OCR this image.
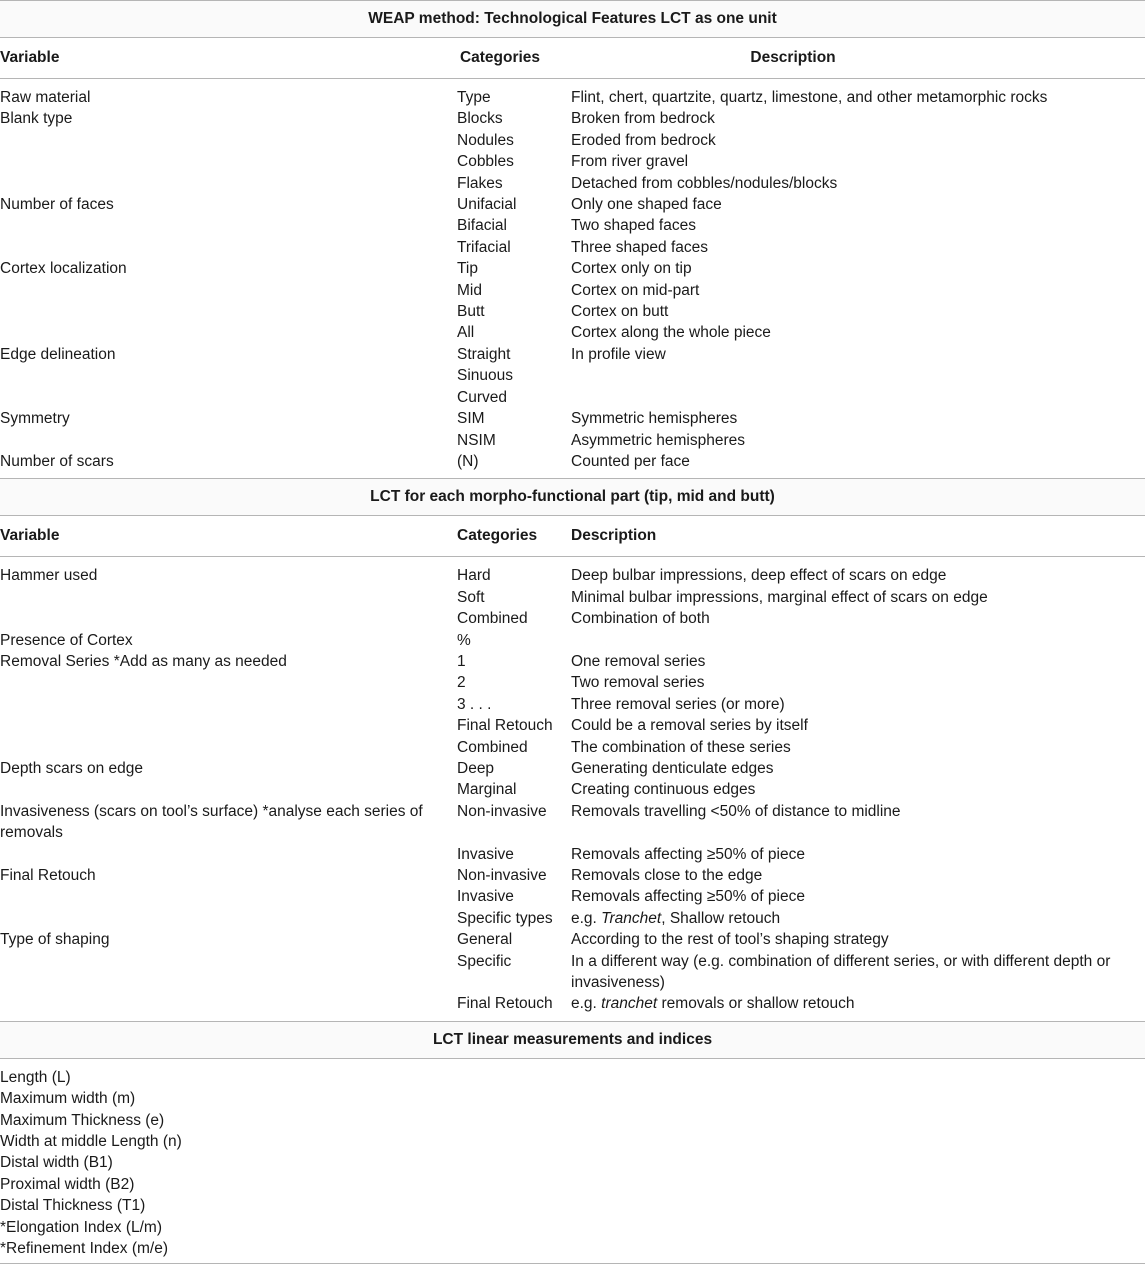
WEAP method: Technological Features LCT as one unit		
Variable	Categories	Description

Raw material	Type	Flint, chert, quartzite, quartz, limestone, and other metamorphic rocks
Blank type	Blocks	Broken from bedrock
	Nodules	Eroded from bedrock
	Cobbles	From river gravel
	Flakes	Detached from cobbles/nodules/blocks
Number of faces	Unifacial	Only one shaped face
	Bifacial	Two shaped faces
	Trifacial	Three shaped faces
Cortex localization	Tip	Cortex only on tip
	Mid	Cortex on mid-part
	Butt	Cortex on butt
	All	Cortex along the whole piece
Edge delineation	Straight	In profile view
	Sinuous	
	Curved	
Symmetry	SIM	Symmetric hemispheres
	NSIM	Asymmetric hemispheres
Number of scars	(N)	Counted per face

LCT for each morpho-functional part (tip, mid and butt)		
Variable	Categories	Description

Hammer used	Hard	Deep bulbar impressions, deep effect of scars on edge
	Soft	Minimal bulbar impressions, marginal effect of scars on edge
	Combined	Combination of both
Presence of Cortex	%	
Removal Series *Add as many as needed	1	One removal series
	2	Two removal series
	3 . . .	Three removal series (or more)
	Final Retouch	Could be a removal series by itself
	Combined	The combination of these series
Depth scars on edge	Deep	Generating denticulate edges
	Marginal	Creating continuous edges
Invasiveness (scars on tool’s surface) *analyse each series of removals	Non-invasive	Removals travelling <50% of distance to midline
	Invasive	Removals affecting ≥50% of piece
Final Retouch	Non-invasive	Removals close to the edge
	Invasive	Removals affecting ≥50% of piece
	Specific types	e.g. Tranchet, Shallow retouch
Type of shaping	General	According to the rest of tool’s shaping strategy
	Specific	In a different way (e.g. combination of different series, or with different depth or invasiveness)
	Final Retouch	e.g. tranchet removals or shallow retouch

LCT linear measurements and indices		

Length (L)		
Maximum width (m)		
Maximum Thickness (e)		
Width at middle Length (n)		
Distal width (B1)		
Proximal width (B2)		
Distal Thickness (T1)		
*Elongation Index (L/m)		
*Refinement Index (m/e)		
